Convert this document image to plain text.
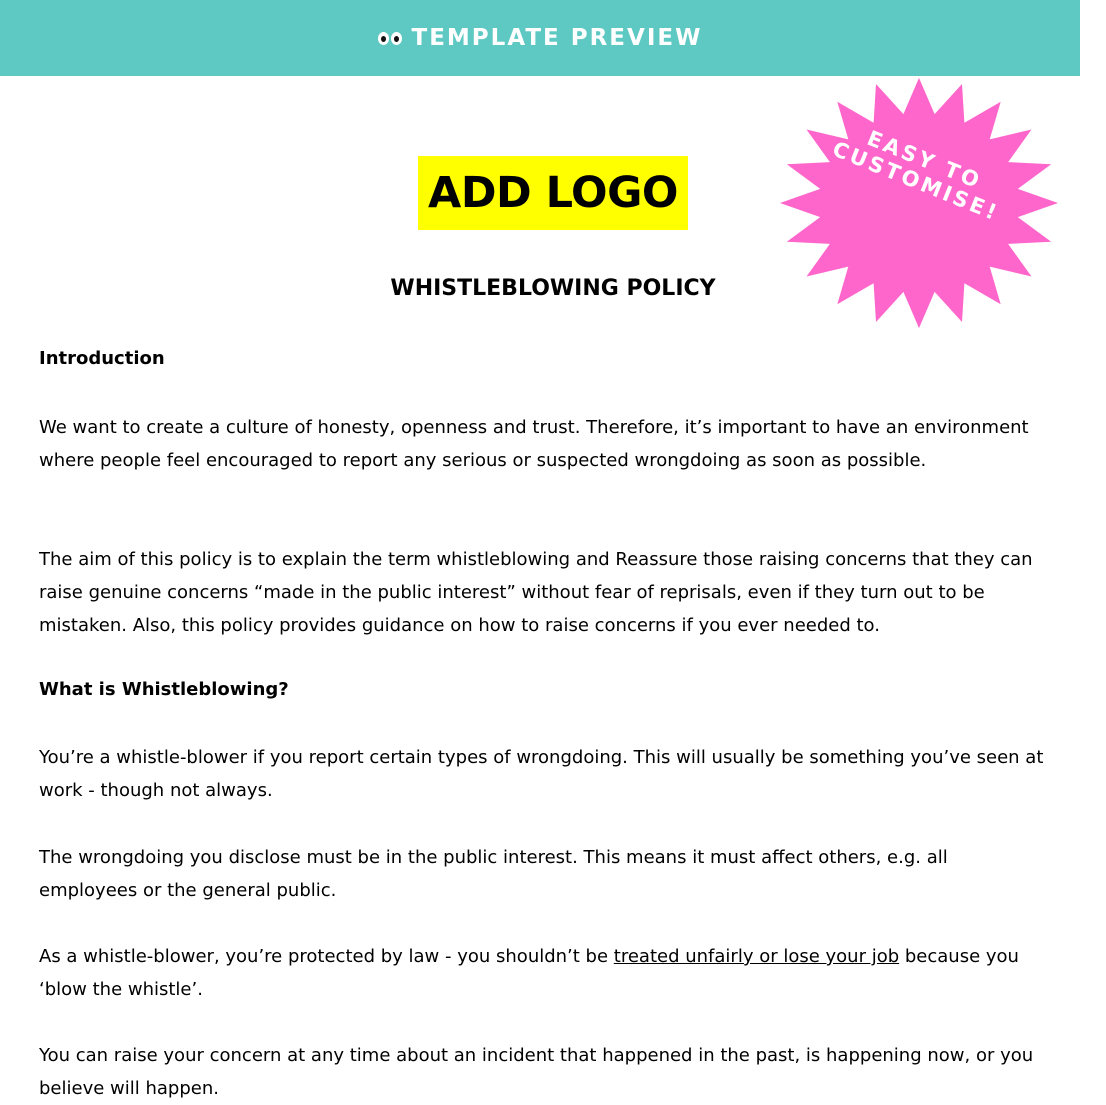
TEMPLATE PREVIEW
EASY TO CUSTOMISE!
ADD LOGO
WHISTLEBLOWING POLICY
Introduction
We want to create a culture of honesty, openness and trust. Therefore, it’s important to have an environment where people feel encouraged to report any serious or suspected wrongdoing as soon as possible.
The aim of this policy is to explain the term whistleblowing and Reassure those raising concerns that they can raise genuine concerns “made in the public interest” without fear of reprisals, even if they turn out to be mistaken. Also, this policy provides guidance on how to raise concerns if you ever needed to.
What is Whistleblowing?
You’re a whistle-blower if you report certain types of wrongdoing. This will usually be something you’ve seen at work - though not always.
The wrongdoing you disclose must be in the public interest. This means it must affect others, e.g. all employees or the general public.
As a whistle-blower, you’re protected by law - you shouldn’t be treated unfairly or lose your job because you ‘blow the whistle’.
You can raise your concern at any time about an incident that happened in the past, is happening now, or you believe will happen.
